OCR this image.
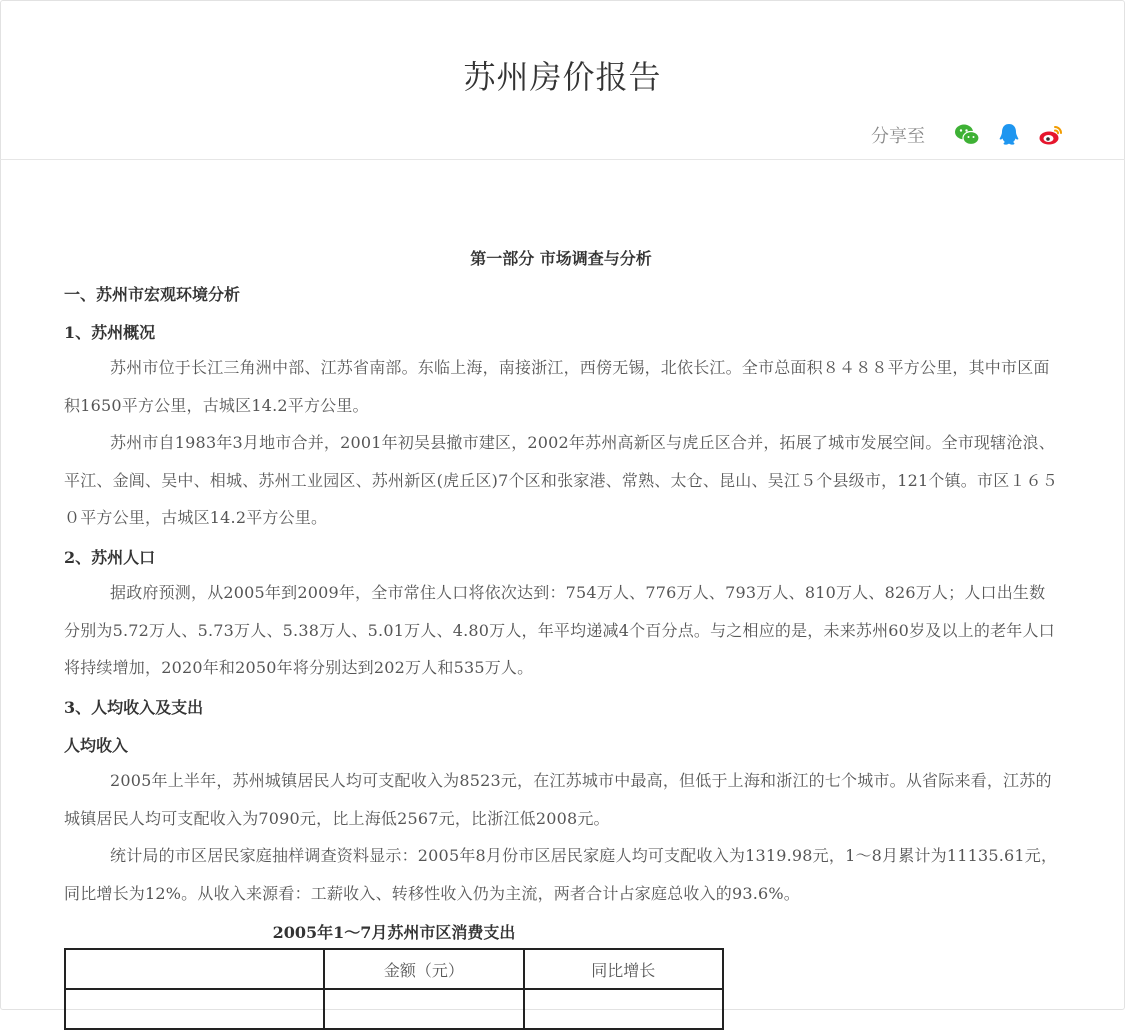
苏州房价报告
分享至
第一部分 市场调查与分析
一、苏州市宏观环境分析
1、苏州概况

苏州市位于长江三角洲中部、江苏省南部。东临上海，南接浙江，西傍无锡，北依长江。全市总面积８４８８平方公里，其中市区面积1650平方公里，古城区14.2平方公里。

苏州市自1983年3月地市合并，2001年初吴县撤市建区，2002年苏州高新区与虎丘区合并，拓展了城市发展空间。全市现辖沧浪、平江、金阊、吴中、相城、苏州工业园区、苏州新区(虎丘区)7个区和张家港、常熟、太仓、昆山、吴江５个县级市，121个镇。市区１６５０平方公里，古城区14.2平方公里。

2、苏州人口

据政府预测，从2005年到2009年，全市常住人口将依次达到：754万人、776万人、793万人、810万人、826万人；人口出生数分别为5.72万人、5.73万人、5.38万人、5.01万人、4.80万人，年平均递减4个百分点。与之相应的是，未来苏州60岁及以上的老年人口将持续增加，2020年和2050年将分别达到202万人和535万人。

3、人均收入及支出
人均收入

2005年上半年，苏州城镇居民人均可支配收入为8523元，在江苏城市中最高，但低于上海和浙江的七个城市。从省际来看，江苏的城镇居民人均可支配收入为7090元，比上海低2567元，比浙江低2008元。

统计局的市区居民家庭抽样调查资料显示：2005年8月份市区居民家庭人均可支配收入为1319.98元，1～8月累计为11135.61元，同比增长为12%。从收入来源看：工薪收入、转移性收入仍为主流，两者合计占家庭总收入的93.6%。

2005年1～7月苏州市区消费支出
	金额（元）	同比增长
